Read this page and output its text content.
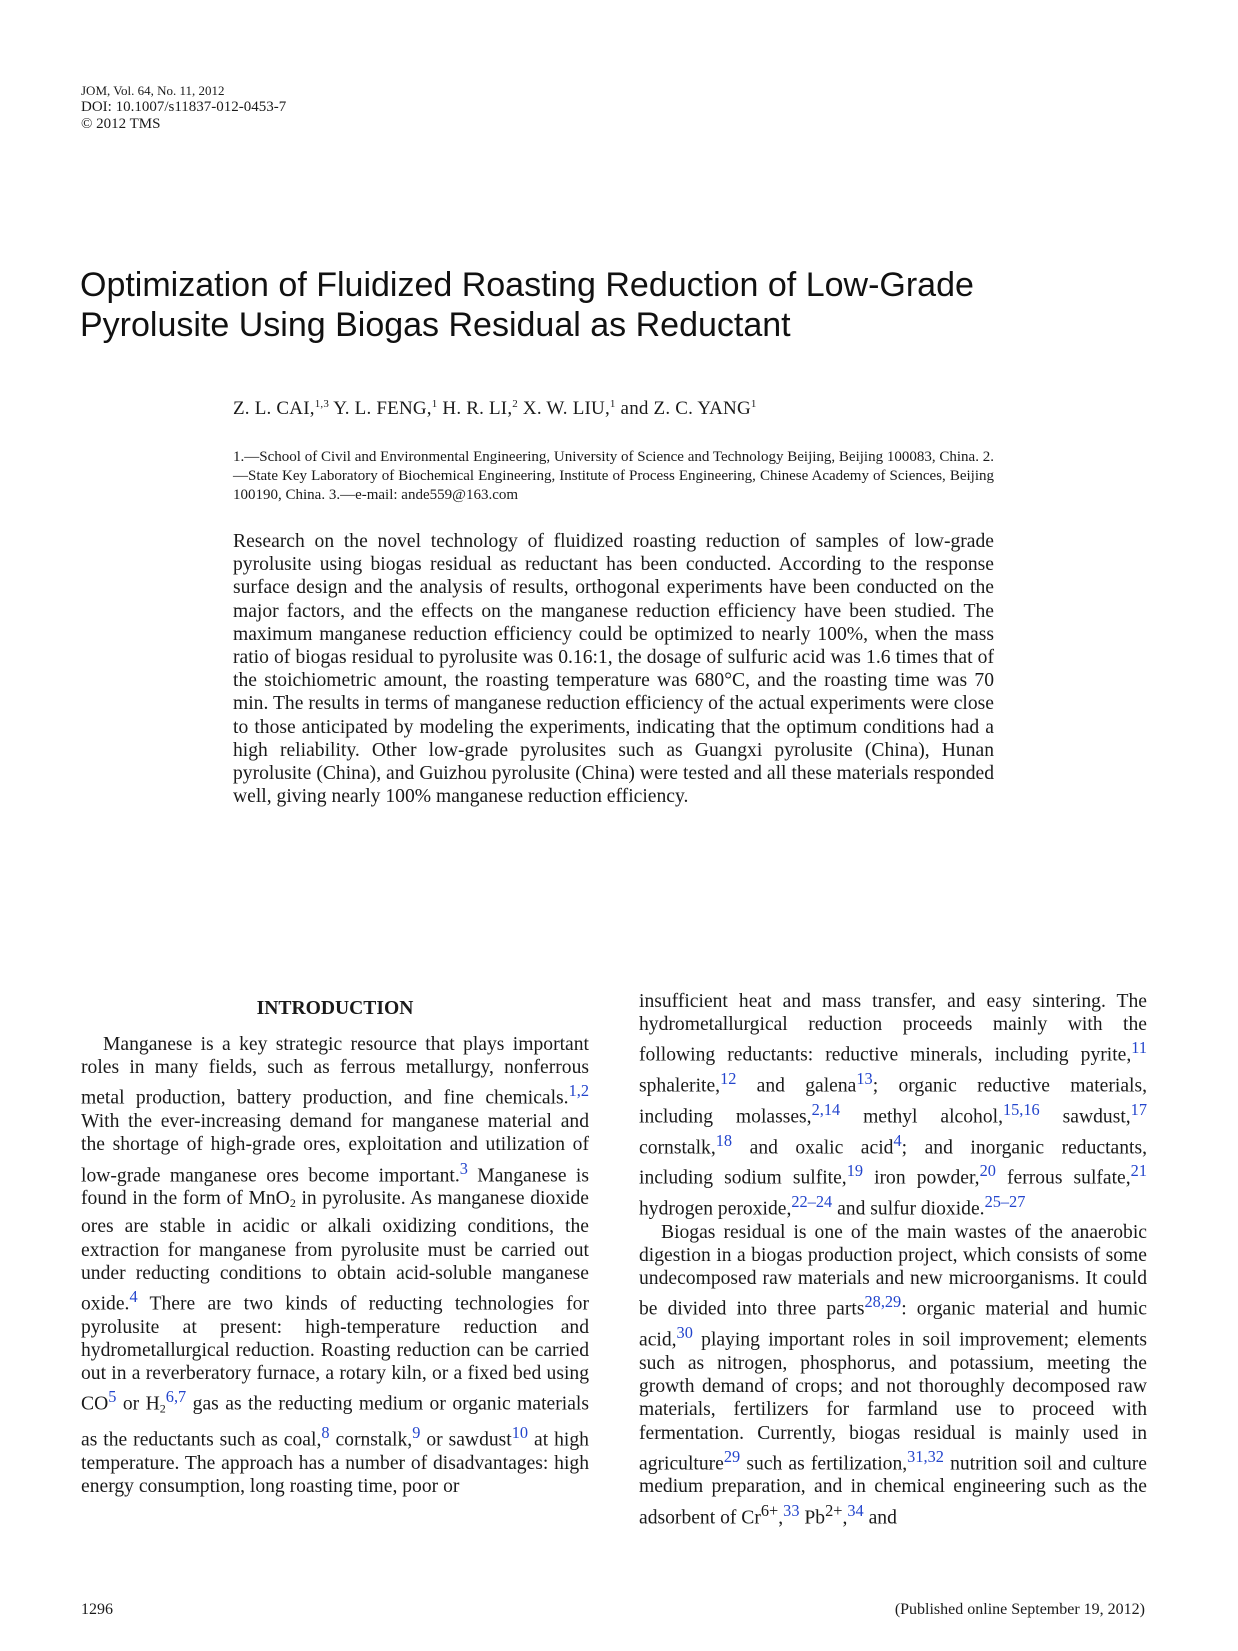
JOM, Vol. 64, No. 11, 2012
DOI: 10.1007/s11837-012-0453-7
© 2012 TMS
Optimization of Fluidized Roasting Reduction of Low-Grade
Pyrolusite Using Biogas Residual as Reductant
Z. L. CAI,$^{1,3}$ Y. L. FENG,$^1$ H. R. LI,$^2$ X. W. LIU,$^1$ and Z. C. YANG$^1$
1.—School of Civil and Environmental Engineering, University of Science and Technology Beijing, Beijing 100083, China. 2.—State Key Laboratory of Biochemical Engineering, Institute of Process Engineering, Chinese Academy of Sciences, Beijing 100190, China. 3.—e-mail: ande559@163.com
Research on the novel technology of fluidized roasting reduction of samples of low-grade pyrolusite using biogas residual as reductant has been conducted. According to the response surface design and the analysis of results, orthogonal experiments have been conducted on the major factors, and the effects on the manganese reduction efficiency have been studied. The maximum manganese reduction efficiency could be optimized to nearly 100%, when the mass ratio of biogas residual to pyrolusite was 0.16:1, the dosage of sulfuric acid was 1.6 times that of the stoichiometric amount, the roasting temperature was 680°C, and the roasting time was 70 min. The results in terms of manganese reduction efficiency of the actual experiments were close to those anticipated by modeling the experiments, indicating that the optimum conditions had a high reliability. Other low-grade pyrolusites such as Guangxi pyrolusite (China), Hunan pyrolusite (China), and Guizhou pyrolusite (China) were tested and all these materials responded well, giving nearly 100% manganese reduction efficiency.
INTRODUCTION

Manganese is a key strategic resource that plays important roles in many fields, such as ferrous metallurgy, nonferrous metal production, battery production, and fine chemicals.$^{1,2}$ With the ever-increasing demand for manganese material and the shortage of high-grade ores, exploitation and utilization of low-grade manganese ores become important.$^3$ Manganese is found in the form of MnO$_2$ in pyrolusite. As manganese dioxide ores are stable in acidic or alkali oxidizing conditions, the extraction for manganese from pyrolusite must be carried out under reducting conditions to obtain acid-soluble manganese oxide.$^4$ There are two kinds of reducting technologies for pyrolusite at present: high-temperature reduction and hydrometallurgical reduction. Roasting reduction can be carried out in a reverberatory furnace, a rotary kiln, or a fixed bed using CO$^5$ or $H_2^{6,7}$ gas as the reducting medium or organic materials as the reductants such as coal,$^8$ cornstalk,$^9$ or sawdust$^{10}$ at high temperature. The approach has a number of disadvantages: high energy consumption, long roasting time, poor or

insufficient heat and mass transfer, and easy sintering. The hydrometallurgical reduction proceeds mainly with the following reductants: reductive minerals, including pyrite,$^{11}$ sphalerite,$^{12}$ and galena$^{13}$; organic reductive materials, including molasses,$^{2,14}$ methyl alcohol,$^{15,16}$ sawdust,$^{17}$ cornstalk,$^{18}$ and oxalic acid$^4$; and inorganic reductants, including sodium sulfite,$^{19}$ iron powder,$^{20}$ ferrous sulfate,$^{21}$ hydrogen peroxide,$^{22-24}$ and sulfur dioxide.$^{25-27}$

Biogas residual is one of the main wastes of the anaerobic digestion in a biogas production project, which consists of some undecomposed raw materials and new microorganisms. It could be divided into three parts$^{28,29}$: organic material and humic acid,$^{30}$ playing important roles in soil improvement; elements such as nitrogen, phosphorus, and potassium, meeting the growth demand of crops; and not thoroughly decomposed raw materials, fertilizers for farmland use to proceed with fermentation. Currently, biogas residual is mainly used in agriculture$^{29}$ such as fertilization,$^{31,32}$ nutrition soil and culture medium preparation, and in chemical engineering such as the adsorbent of $Cr^{6+},^{33}$ $Pb^{2+},^{34}$ and

1296	(Published online September 19, 2012)
